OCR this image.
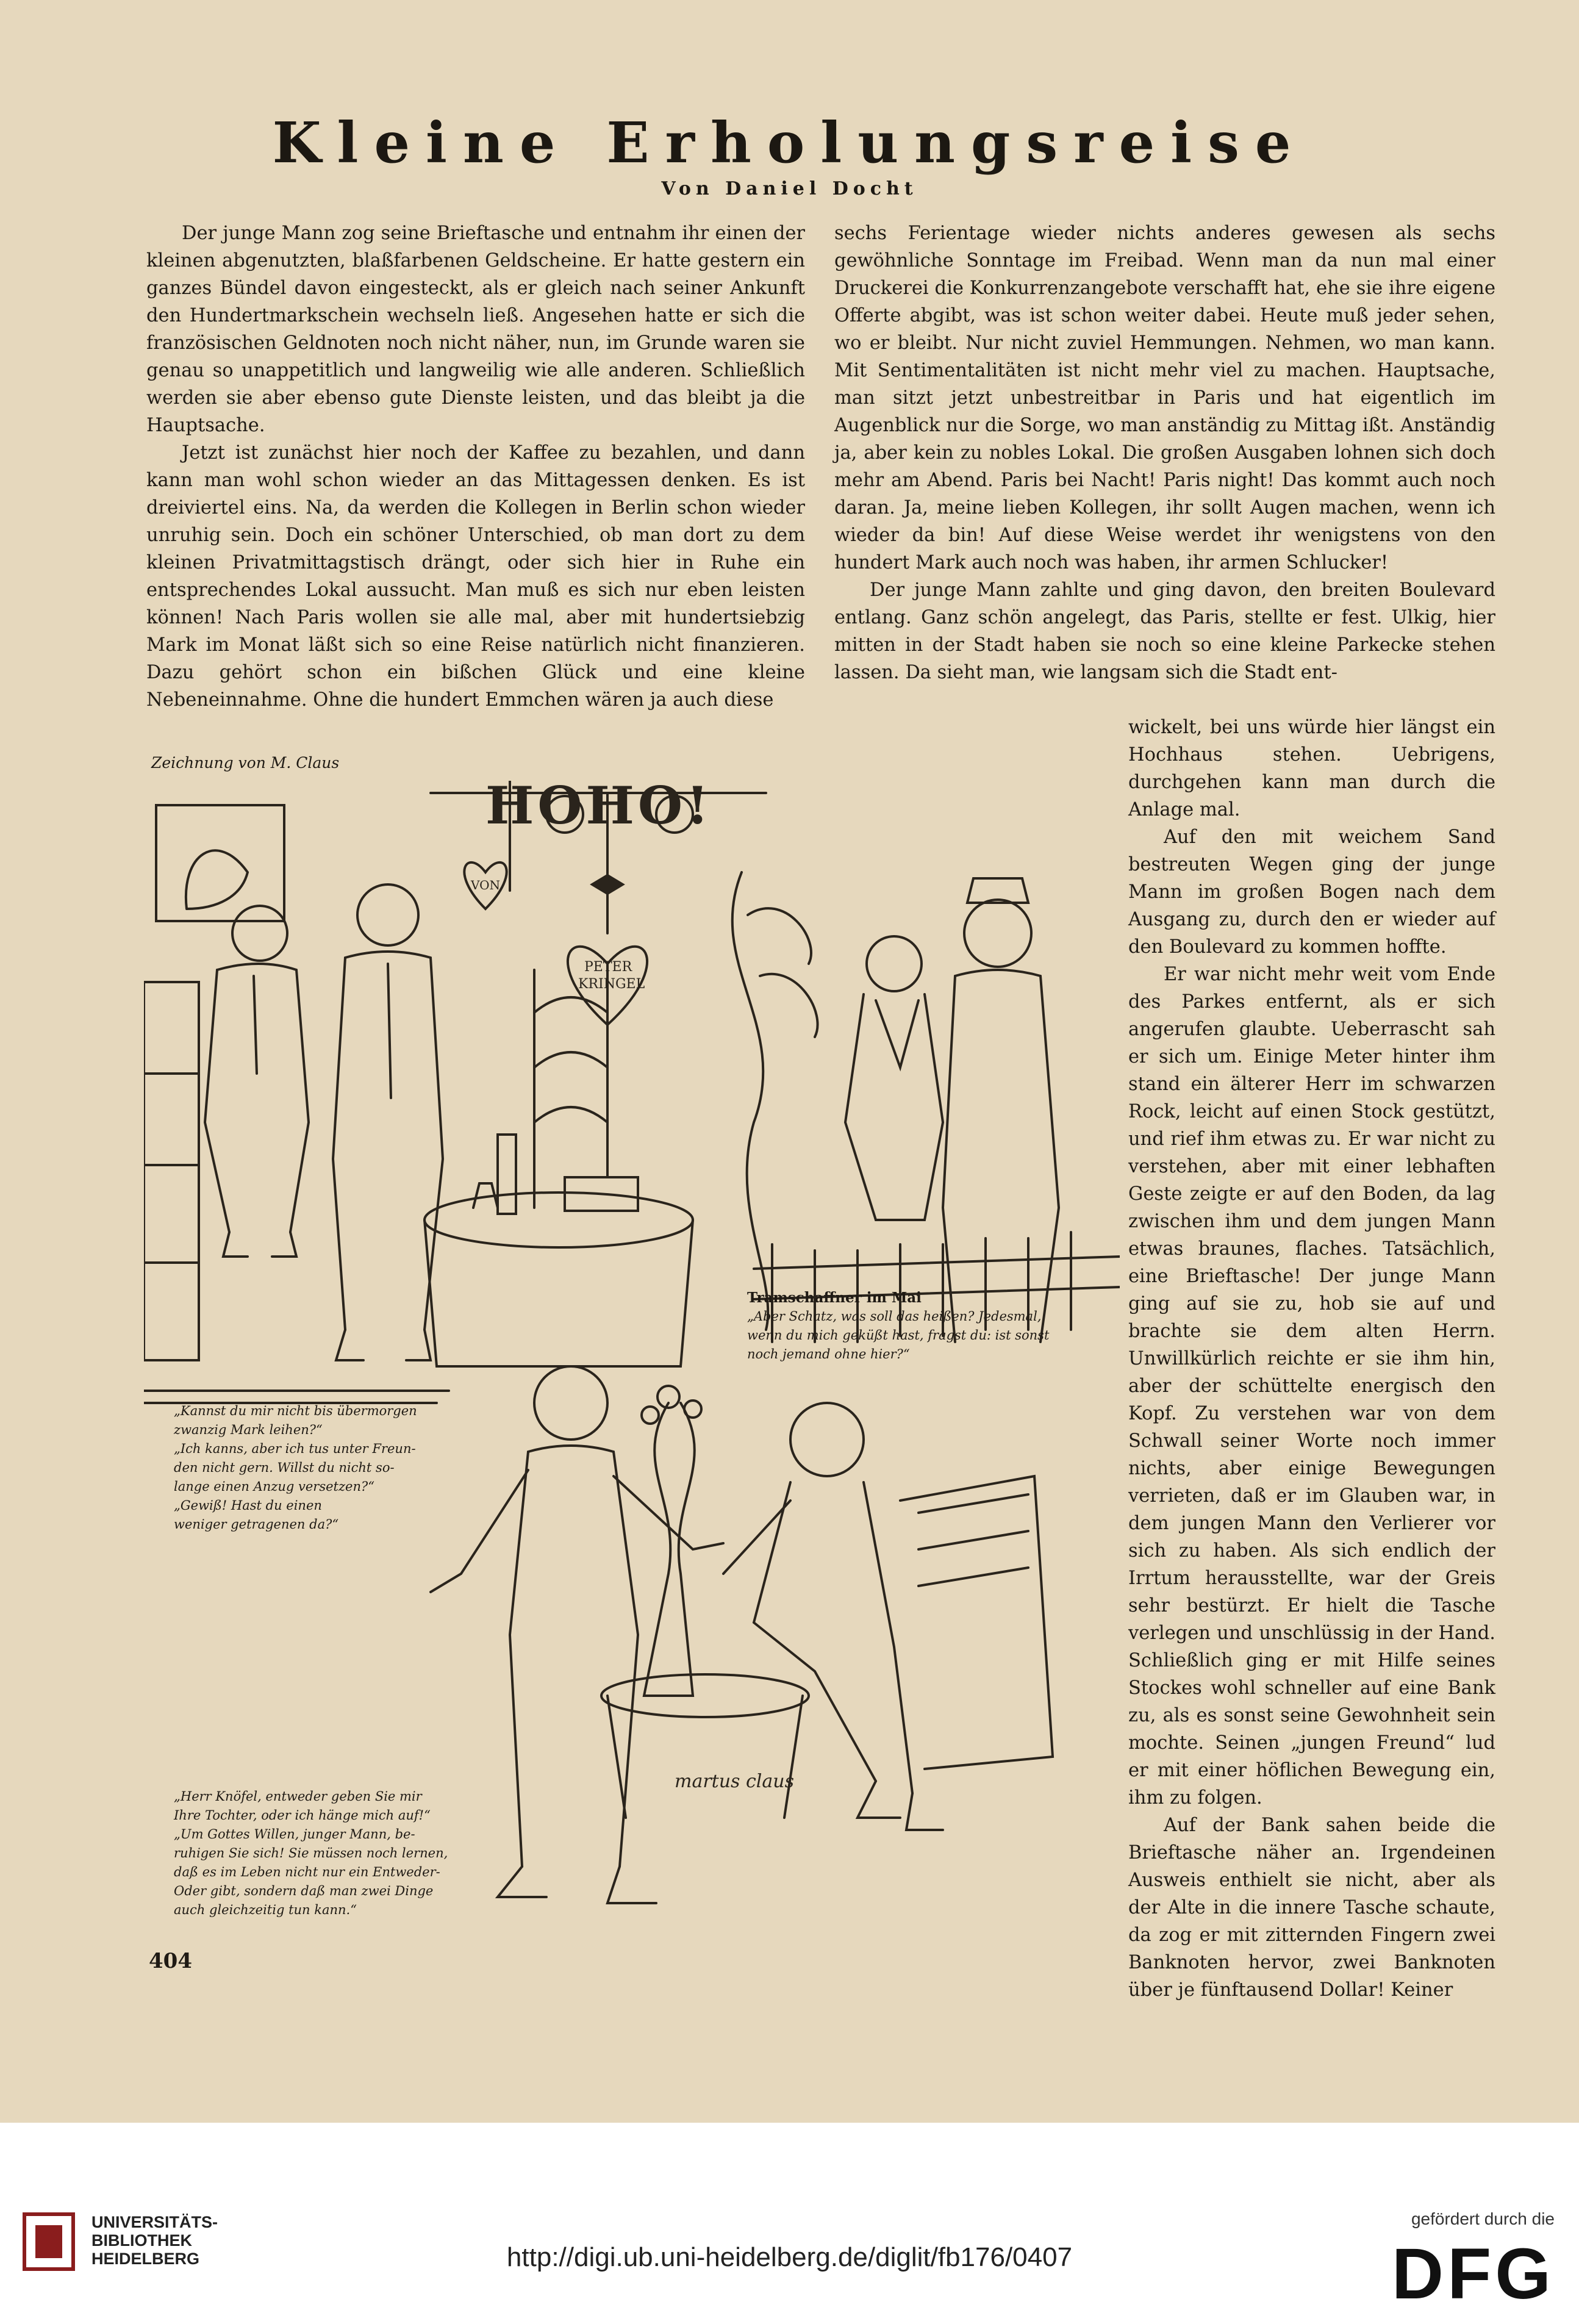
Kleine Erholungsreise
Von Daniel Docht

Der junge Mann zog seine Brieftasche und entnahm ihr einen der kleinen abgenutzten, blaßfarbenen Geldscheine. Er hatte gestern ein ganzes Bündel davon eingesteckt, als er gleich nach seiner Ankunft den Hundertmarkschein wechseln ließ. Angesehen hatte er sich die französischen Geldnoten noch nicht näher, nun, im Grunde waren sie genau so unappetitlich und langweilig wie alle anderen. Schließlich werden sie aber ebenso gute Dienste leisten, und das bleibt ja die Hauptsache.

Jetzt ist zunächst hier noch der Kaffee zu bezahlen, und dann kann man wohl schon wieder an das Mittagessen denken. Es ist dreiviertel eins. Na, da werden die Kollegen in Berlin schon wieder unruhig sein. Doch ein schöner Unterschied, ob man dort zu dem kleinen Privatmittagstisch drängt, oder sich hier in Ruhe ein entsprechendes Lokal aussucht. Man muß es sich nur eben leisten können! Nach Paris wollen sie alle mal, aber mit hundertsiebzig Mark im Monat läßt sich so eine Reise natürlich nicht finanzieren. Dazu gehört schon ein bißchen Glück und eine kleine Nebeneinnahme. Ohne die hundert Emmchen wären ja auch diese

sechs Ferientage wieder nichts anderes gewesen als sechs gewöhnliche Sonntage im Freibad. Wenn man da nun mal einer Druckerei die Konkurrenzangebote verschafft hat, ehe sie ihre eigene Offerte abgibt, was ist schon weiter dabei. Heute muß jeder sehen, wo er bleibt. Nur nicht zuviel Hemmungen. Nehmen, wo man kann. Mit Sentimentalitäten ist nicht mehr viel zu machen. Hauptsache, man sitzt jetzt unbestreitbar in Paris und hat eigentlich im Augenblick nur die Sorge, wo man anständig zu Mittag ißt. Anständig ja, aber kein zu nobles Lokal. Die großen Ausgaben lohnen sich doch mehr am Abend. Paris bei Nacht! Paris night! Das kommt auch noch daran. Ja, meine lieben Kollegen, ihr sollt Augen machen, wenn ich wieder da bin! Auf diese Weise werdet ihr wenigstens von den hundert Mark auch noch was haben, ihr armen Schlucker!

Der junge Mann zahlte und ging davon, den breiten Boulevard entlang. Ganz schön angelegt, das Paris, stellte er fest. Ulkig, hier mitten in der Stadt haben sie noch so eine kleine Parkecke stehen lassen. Da sieht man, wie langsam sich die Stadt ent-

wickelt, bei uns würde hier längst ein Hochhaus stehen. Uebrigens, durchgehen kann man durch die Anlage mal.

Auf den mit weichem Sand bestreuten Wegen ging der junge Mann im großen Bogen nach dem Ausgang zu, durch den er wieder auf den Boulevard zu kommen hoffte.

Er war nicht mehr weit vom Ende des Parkes entfernt, als er sich angerufen glaubte. Ueberrascht sah er sich um. Einige Meter hinter ihm stand ein älterer Herr im schwarzen Rock, leicht auf einen Stock gestützt, und rief ihm etwas zu. Er war nicht zu verstehen, aber mit einer lebhaften Geste zeigte er auf den Boden, da lag zwischen ihm und dem jungen Mann etwas braunes, flaches. Tatsächlich, eine Brieftasche! Der junge Mann ging auf sie zu, hob sie auf und brachte sie dem alten Herrn. Unwillkürlich reichte er sie ihm hin, aber der schüttelte energisch den Kopf. Zu verstehen war von dem Schwall seiner Worte noch immer nichts, aber einige Bewegungen verrieten, daß er im Glauben war, in dem jungen Mann den Verlierer vor sich zu haben. Als sich endlich der Irrtum herausstellte, war der Greis sehr bestürzt. Er hielt die Tasche verlegen und unschlüssig in der Hand. Schließlich ging er mit Hilfe seines Stockes wohl schneller auf eine Bank zu, als es sonst seine Gewohnheit sein mochte. Seinen „jungen Freund“ lud er mit einer höflichen Bewegung ein, ihm zu folgen.

Auf der Bank sahen beide die Brieftasche näher an. Irgendeinen Ausweis enthielt sie nicht, aber als der Alte in die innere Tasche schaute, da zog er mit zitternden Fingern zwei Banknoten hervor, zwei Banknoten über je fünftausend Dollar! Keiner

Zeichnung von M. Claus
HOHO!
VON
PETER
KRINGEL
martus claus
„Kannst du mir nicht bis übermorgen
zwanzig Mark leihen?“
„Ich kanns, aber ich tus unter Freun-
den nicht gern. Willst du nicht so-
lange einen Anzug versetzen?“
„Gewiß! Hast du einen
weniger getragenen da?“
Tramschaffner im Mai
„Aber Schatz, was soll das heißen? Jedesmal,
wenn du mich geküßt hast, fragst du: ist sonst
noch jemand ohne hier?“
„Herr Knöfel, entweder geben Sie mir
Ihre Tochter, oder ich hänge mich auf!“
„Um Gottes Willen, junger Mann, be-
ruhigen Sie sich! Sie müssen noch lernen,
daß es im Leben nicht nur ein Entweder-
Oder gibt, sondern daß man zwei Dinge
auch gleichzeitig tun kann.“
404
UNIVERSITÄTS-
BIBLIOTHEK
HEIDELBERG	http://digi.ub.uni-heidelberg.de/diglit/fb176/0407
gefördert durch die
DFG
